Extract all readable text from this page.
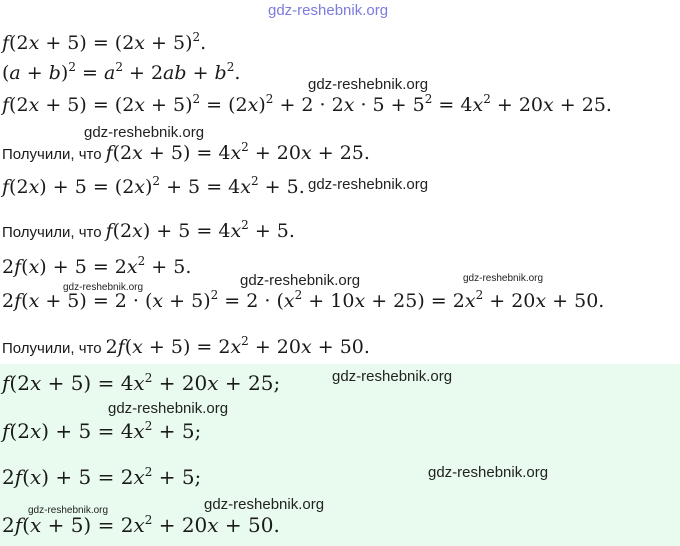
gdz-reshebnik.org
gdz-reshebnik.org
gdz-reshebnik.org
gdz-reshebnik.org
gdz-reshebnik.org	gdz-reshebnik.org
gdz-reshebnik.org
gdz-reshebnik.org
gdz-reshebnik.org
gdz-reshebnik.org
gdz-reshebnik.org	gdz-reshebnik.org
$f(2x + 5) = (2x + 5)^2$.
$(a + b)^2 = a^2 + 2ab + b^2$.
$f(2x + 5) = (2x + 5)^2 = (2x)^2 + 2 \cdot 2x \cdot 5 + 5^2 = 4x^2 + 20x + 25$.
Получили, что $f(2x + 5) = 4x^2 + 20x + 25$.
$f(2x) + 5 = (2x)^2 + 5 = 4x^2 + 5$.
Получили, что $f(2x) + 5 = 4x^2 + 5$.
$2f(x) + 5 = 2x^2 + 5$.
$2f(x + 5) = 2 \cdot (x + 5)^2 = 2 \cdot (x^2 + 10x + 25) = 2x^2 + 20x + 50$.
Получили, что $2f(x + 5) = 2x^2 + 20x + 50$.
$f(2x + 5) = 4x^2 + 20x + 25$;
$f(2x) + 5 = 4x^2 + 5$;
$2f(x) + 5 = 2x^2 + 5$;
$2f(x + 5) = 2x^2 + 20x + 50$.
